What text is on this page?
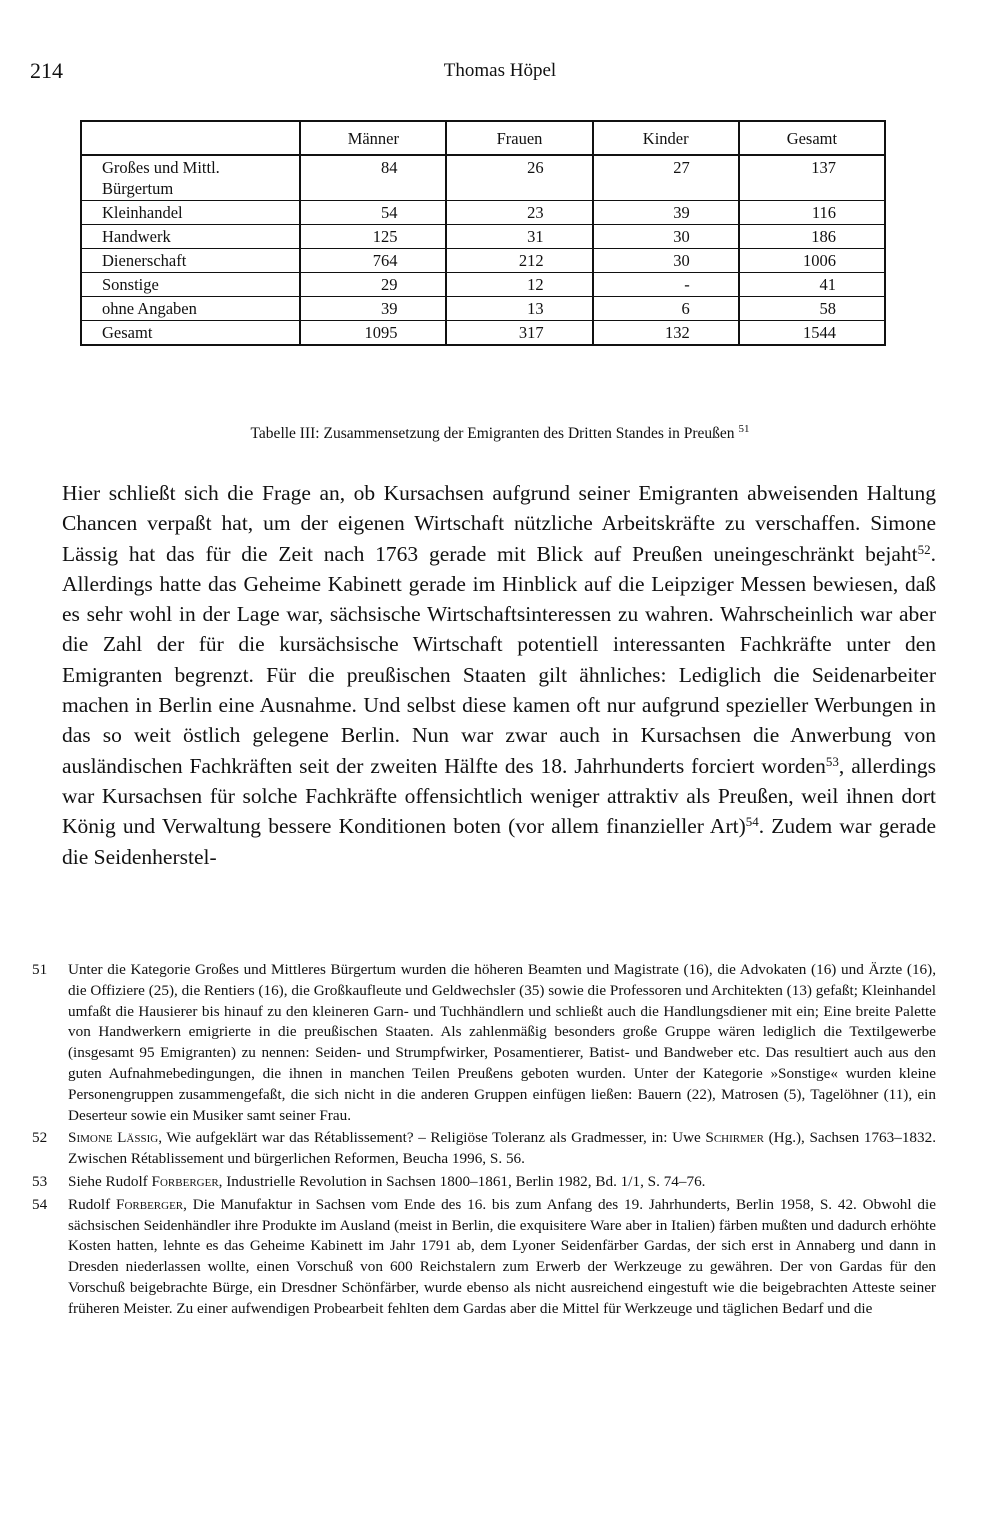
214	Thomas Höpel
	Männer	Frauen	Kinder	Gesamt
Großes und Mittl. Bürgertum	84	26	27	137
Kleinhandel	54	23	39	116
Handwerk	125	31	30	186
Dienerschaft	764	212	30	1006
Sonstige	29	12	-	41
ohne Angaben	39	13	6	58
Gesamt	1095	317	132	1544
Tabelle III: Zusammensetzung der Emigranten des Dritten Standes in Preußen $^{51}$

Hier schließt sich die Frage an, ob Kursachsen aufgrund seiner Emigranten abweisenden Haltung Chancen verpaßt hat, um der eigenen Wirtschaft nützliche Arbeitskräfte zu verschaffen. Simone Lässig hat das für die Zeit nach 1763 gerade mit Blick auf Preußen uneingeschränkt bejaht$^{52}$. Allerdings hatte das Geheime Kabinett gerade im Hinblick auf die Leipziger Messen bewiesen, daß es sehr wohl in der Lage war, sächsische Wirtschaftsinteressen zu wahren. Wahrscheinlich war aber die Zahl der für die kursächsische Wirtschaft potentiell interessanten Fachkräfte unter den Emigranten begrenzt. Für die preußischen Staaten gilt ähnliches: Lediglich die Seidenarbeiter machen in Berlin eine Ausnahme. Und selbst diese kamen oft nur aufgrund spezieller Werbungen in das so weit östlich gelegene Berlin. Nun war zwar auch in Kursachsen die Anwerbung von ausländischen Fachkräften seit der zweiten Hälfte des 18. Jahrhunderts forciert worden$^{53}$, allerdings war Kursachsen für solche Fachkräfte offensichtlich weniger attraktiv als Preußen, weil ihnen dort König und Verwaltung bessere Konditionen boten (vor allem finanzieller Art)$^{54}$. Zudem war gerade die Seidenherstel-

51 Unter die Kategorie Großes und Mittleres Bürgertum wurden die höheren Beamten und Magistrate (16), die Advokaten (16) und Ärzte (16), die Offiziere (25), die Rentiers (16), die Großkaufleute und Geldwechsler (35) sowie die Professoren und Architekten (13) gefaßt; Kleinhandel umfaßt die Hausierer bis hinauf zu den kleineren Garn- und Tuchhändlern und schließt auch die Handlungsdiener mit ein; Eine breite Palette von Handwerkern emigrierte in die preußischen Staaten. Als zahlenmäßig besonders große Gruppe wären lediglich die Textilgewerbe (insgesamt 95 Emigranten) zu nennen: Seiden- und Strumpfwirker, Posamentierer, Batist- und Bandweber etc. Das resultiert auch aus den guten Aufnahmebedingungen, die ihnen in manchen Teilen Preußens geboten wurden. Unter der Kategorie »Sonstige« wurden kleine Personengruppen zusammengefaßt, die sich nicht in die anderen Gruppen einfügen ließen: Bauern (22), Matrosen (5), Tagelöhner (11), ein Deserteur sowie ein Musiker samt seiner Frau.

52 Simone Lässig, Wie aufgeklärt war das Rétablissement? – Religiöse Toleranz als Gradmesser, in: Uwe Schirmer (Hg.), Sachsen 1763–1832. Zwischen Rétablissement und bürgerlichen Reformen, Beucha 1996, S. 56.

53 Siehe Rudolf Forberger, Industrielle Revolution in Sachsen 1800–1861, Berlin 1982, Bd. 1/1, S. 74–76.

54 Rudolf Forberger, Die Manufaktur in Sachsen vom Ende des 16. bis zum Anfang des 19. Jahrhunderts, Berlin 1958, S. 42. Obwohl die sächsischen Seidenhändler ihre Produkte im Ausland (meist in Berlin, die exquisitere Ware aber in Italien) färben mußten und dadurch erhöhte Kosten hatten, lehnte es das Geheime Kabinett im Jahr 1791 ab, dem Lyoner Seidenfärber Gardas, der sich erst in Annaberg und dann in Dresden niederlassen wollte, einen Vorschuß von 600 Reichstalern zum Erwerb der Werkzeuge zu gewähren. Der von Gardas für den Vorschuß beigebrachte Bürge, ein Dresdner Schönfärber, wurde ebenso als nicht ausreichend eingestuft wie die beigebrachten Atteste seiner früheren Meister. Zu einer aufwendigen Probearbeit fehlten dem Gardas aber die Mittel für Werkzeuge und täglichen Bedarf und die
